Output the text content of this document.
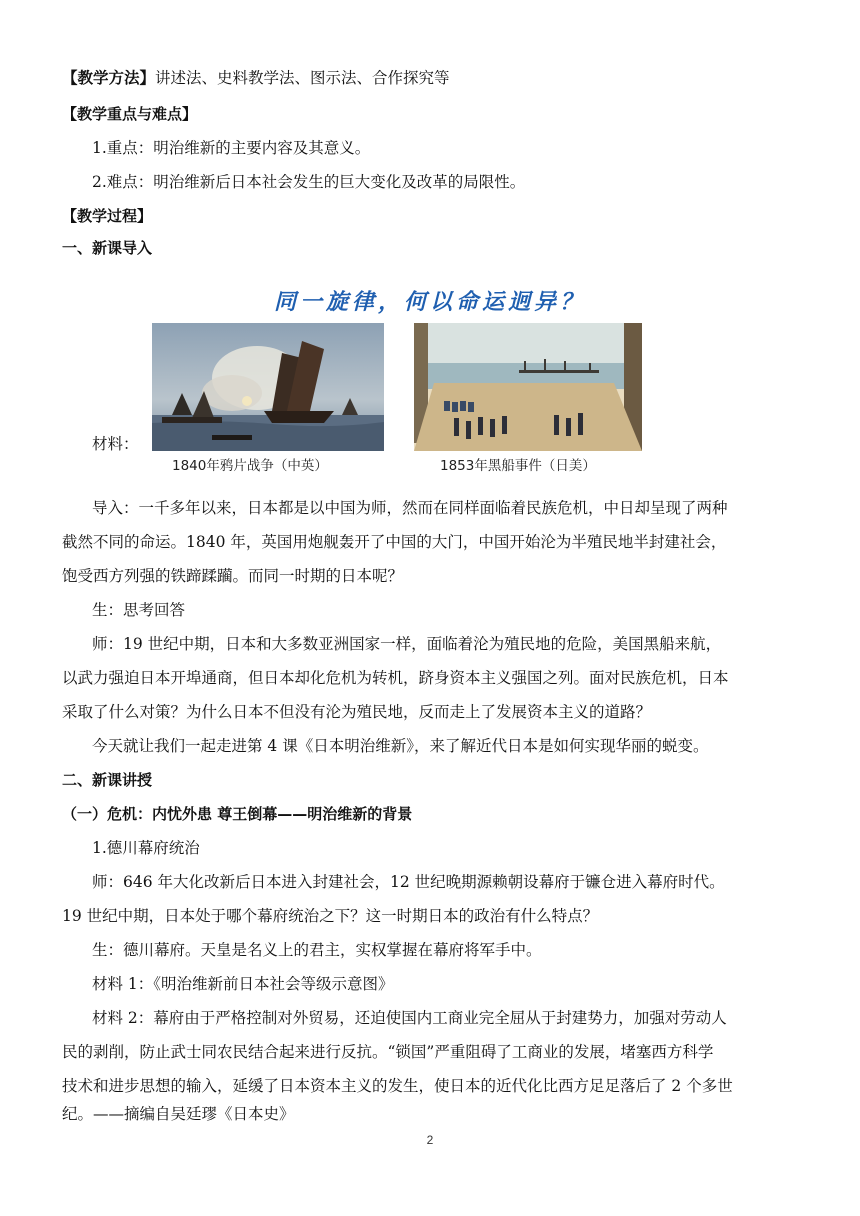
【教学方法】讲述法、史料教学法、图示法、合作探究等
【教学重点与难点】
1.重点：明治维新的主要内容及其意义。
2.难点：明治维新后日本社会发生的巨大变化及改革的局限性。
【教学过程】
一、新课导入
同一旋律，何以命运迥异？
材料：
1840年鸦片战争（中英）	1853年黑船事件（日美）
导入：一千多年以来，日本都是以中国为师，然而在同样面临着民族危机，中日却呈现了两种
截然不同的命运。1840 年，英国用炮舰轰开了中国的大门，中国开始沦为半殖民地半封建社会，
饱受西方列强的铁蹄蹂躏。而同一时期的日本呢？
生：思考回答
师：19 世纪中期，日本和大多数亚洲国家一样，面临着沦为殖民地的危险，美国黑船来航，
以武力强迫日本开埠通商，但日本却化危机为转机，跻身资本主义强国之列。面对民族危机，日本
采取了什么对策？为什么日本不但没有沦为殖民地，反而走上了发展资本主义的道路？
今天就让我们一起走进第 4 课《日本明治维新》，来了解近代日本是如何实现华丽的蜕变。
二、新课讲授
（一）危机：内忧外患 尊王倒幕——明治维新的背景
1.德川幕府统治
师：646 年大化改新后日本进入封建社会，12 世纪晚期源赖朝设幕府于镰仓进入幕府时代。
19 世纪中期，日本处于哪个幕府统治之下？这一时期日本的政治有什么特点？
生：德川幕府。天皇是名义上的君主，实权掌握在幕府将军手中。
材料 1：《明治维新前日本社会等级示意图》
材料 2：幕府由于严格控制对外贸易，还迫使国内工商业完全屈从于封建势力，加强对劳动人
民的剥削，防止武士同农民结合起来进行反抗。“锁国”严重阻碍了工商业的发展，堵塞西方科学
技术和进步思想的输入，延缓了日本资本主义的发生，使日本的近代化比西方足足落后了 2 个多世
纪。——摘编自吴廷璆《日本史》
2
